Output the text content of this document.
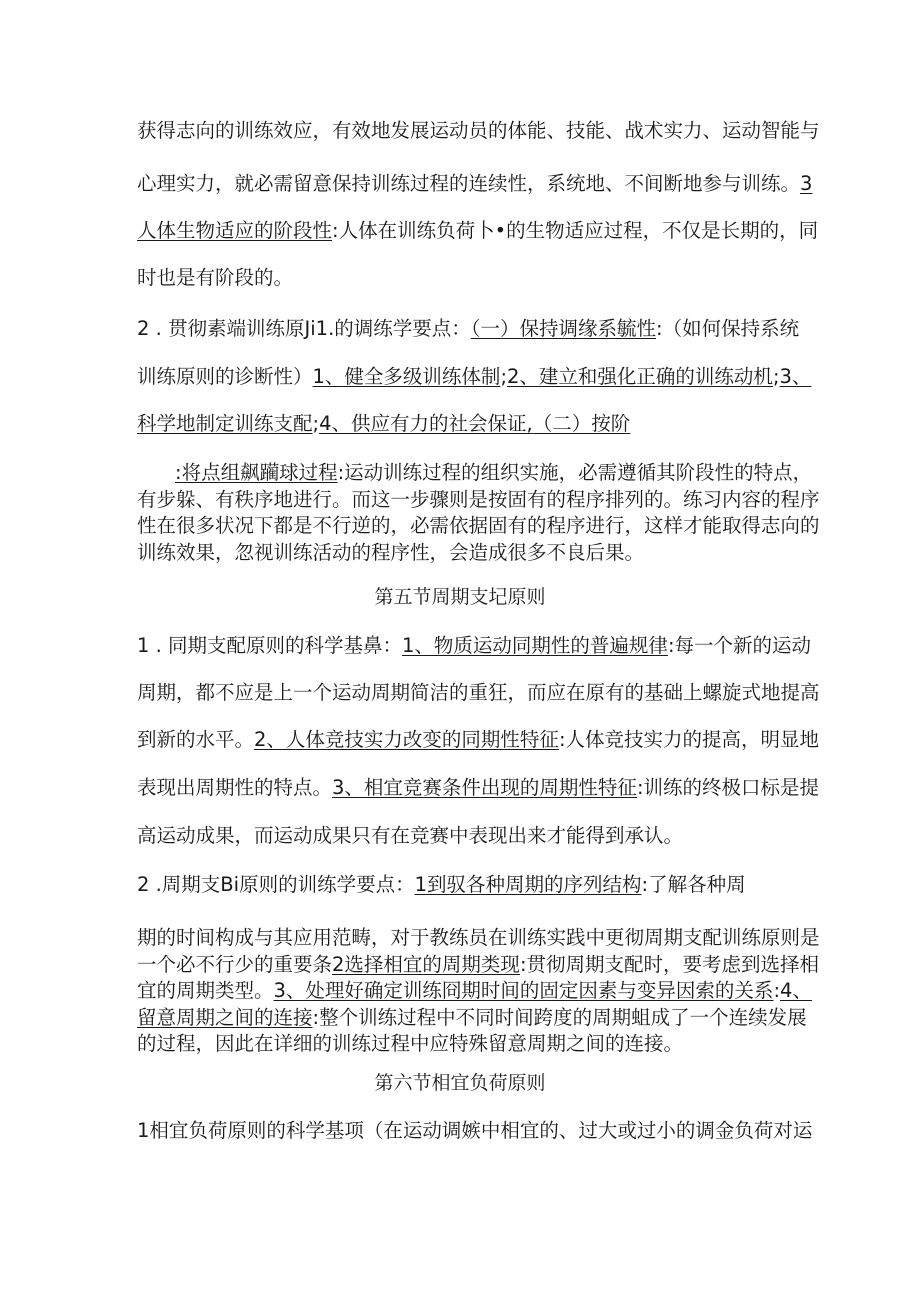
获得志向的训练效应，有效地发展运动员的体能、技能、战术实力、运动智能与
心理实力，就必需留意保持训练过程的连续性，系统地、不间断地参与训练。3
人体生物适应的阶段性:人体在训练负荷卜•的生物适应过程，不仅是长期的，同
时也是有阶段的。
2 . 贯彻素端训练原Ji1.的调练学要点：（一）保持调缘系毓性:（如何保持系统
训练原则的诊断性）1、健全多级训练体制;2、建立和强化正确的训练动机;3、
科学地制定训练支配;4、供应有力的社会保证,（二）按阶
:将点组飙躏球过程:运动训练过程的组织实施，必需遵循其阶段性的特点，
有步躲、有秩序地进行。而这一步骤则是按固有的程序排列的。练习内容的程序
性在很多状况下都是不行逆的，必需依据固有的程序进行，这样才能取得志向的
训练效果，忽视训练活动的程序性，会造成很多不良后果。
第五节周期支圮原则
1 . 同期支配原则的科学基鼻：1、物质运动同期性的普遍规律:每一个新的运动
周期，都不应是上一个运动周期简洁的重狂，而应在原有的基础上螺旋式地提高
到新的水平。2、人体竞技实力改变的同期性特征:人体竞技实力的提高，明显地
表现出周期性的特点。3、相宜竞赛条件出现的周期性特征:训练的终极口标是提
高运动成果，而运动成果只有在竞赛中表现出来才能得到承认。
2 .周期支Bi原则的训练学要点：1到驭各种周期的序列结构:了解各种周
期的时间构成与其应用范畴，对于教练员在训练实践中更彻周期支配训练原则是
一个必不行少的重要条2选择相宜的周期类现:贯彻周期支配时，要考虑到选择相
宜的周期类型。3、处理好确定训练冏期时间的固定因素与变异因索的关系:4、
留意周期之间的连接:整个训练过程中不同时间跨度的周期蛆成了一个连续发展
的过程，因此在详细的训练过程中应特殊留意周期之间的连接。
第六节相宜负荷原则
1相宜负荷原则的科学基项（在运动调嫉中相宜的、过大或过小的调金负荷对运
